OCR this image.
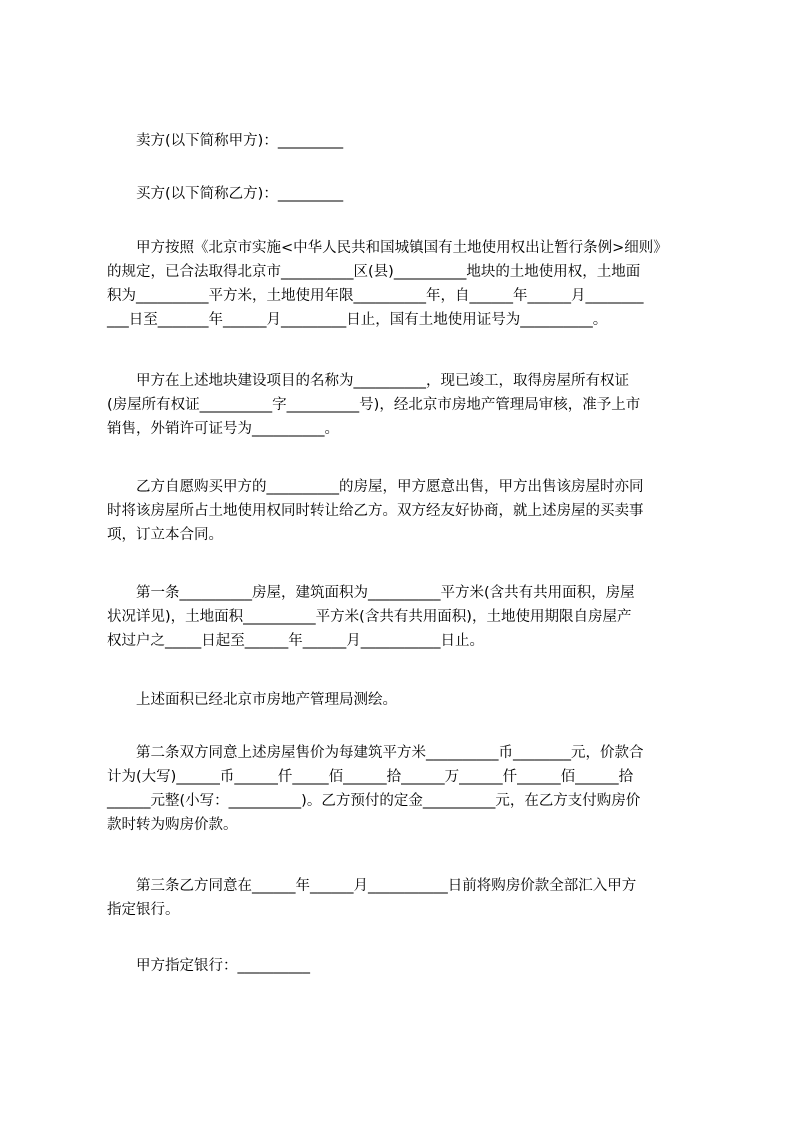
卖方(以下简称甲方)：_________

买方(以下简称乙方)：_________

甲方按照《北京市实施<中华人民共和国城镇国有土地使用权出让暂行条例>细则》
的规定，已合法取得北京市__________区(县)__________地块的土地使用权，土地面
积为__________平方米，土地使用年限__________年，自______年______月________
___日至_______年______月_________日止，国有土地使用证号为__________。

甲方在上述地块建设项目的名称为__________，现已竣工，取得房屋所有权证
(房屋所有权证__________字__________号)，经北京市房地产管理局审核，准予上市
销售，外销许可证号为__________。

乙方自愿购买甲方的__________的房屋，甲方愿意出售，甲方出售该房屋时亦同
时将该房屋所占土地使用权同时转让给乙方。双方经友好协商，就上述房屋的买卖事
项，订立本合同。

第一条__________房屋，建筑面积为__________平方米(含共有共用面积，房屋
状况详见)，土地面积__________平方米(含共有共用面积)，土地使用期限自房屋产
权过户之_____日起至______年______月___________日止。

上述面积已经北京市房地产管理局测绘。

第二条双方同意上述房屋售价为每建筑平方米__________币________元，价款合
计为(大写)______币______仟_____佰______拾______万______仟______佰______拾
______元整(小写：__________)。乙方预付的定金__________元，在乙方支付购房价
款时转为购房价款。

第三条乙方同意在______年______月___________日前将购房价款全部汇入甲方
指定银行。

甲方指定银行：__________
